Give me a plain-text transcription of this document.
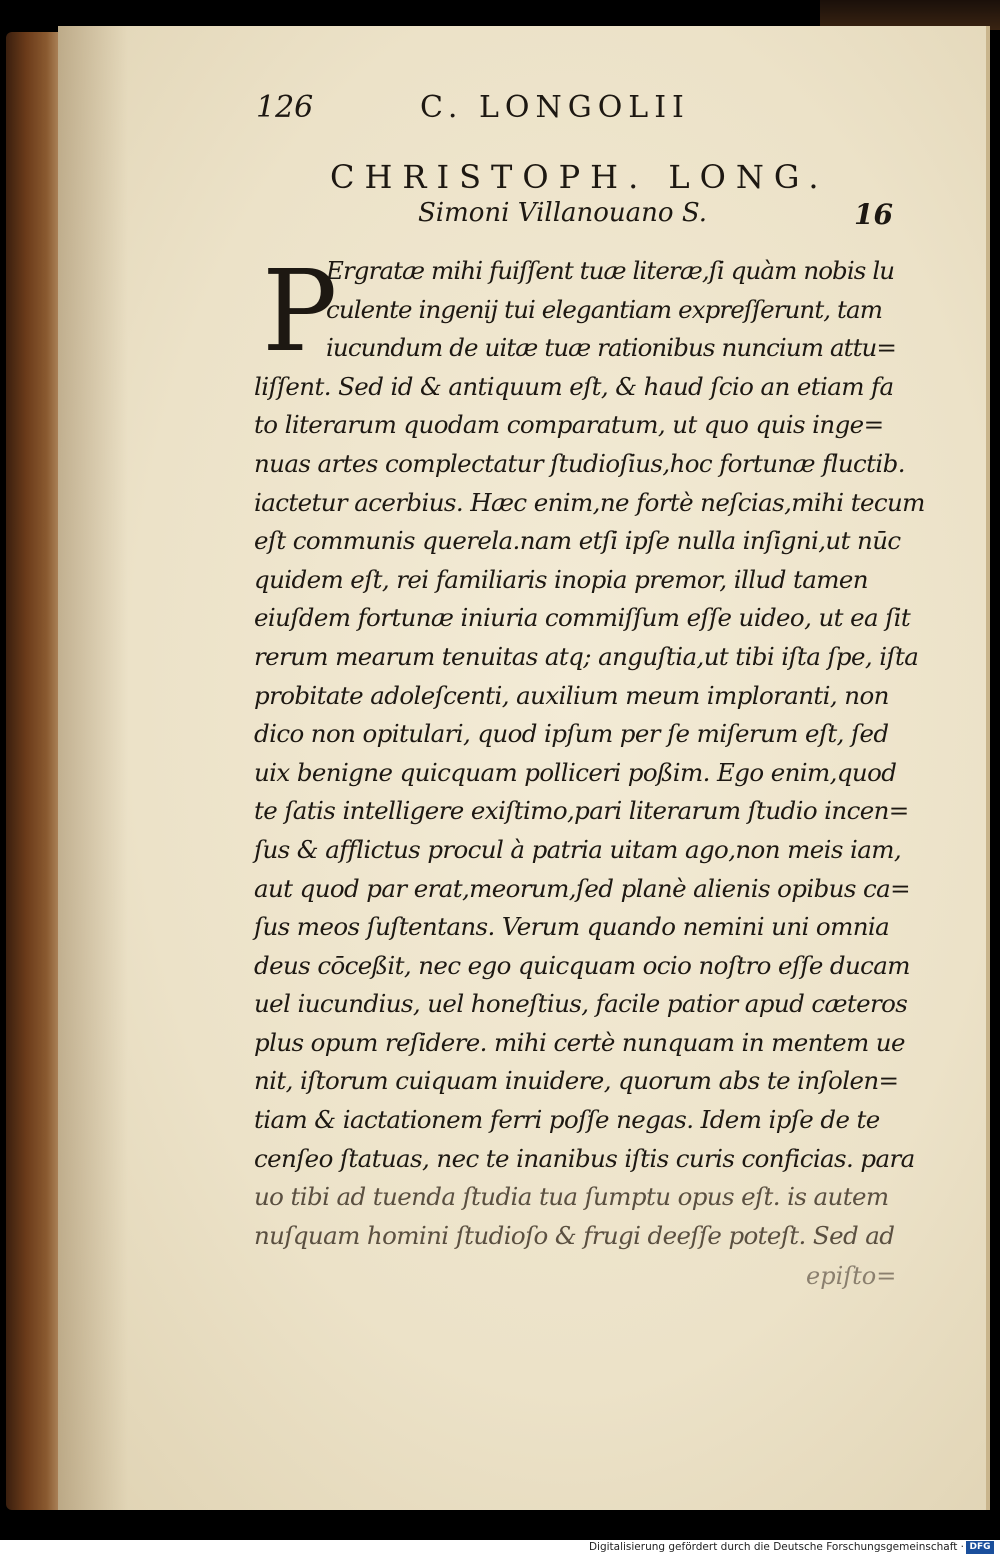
126	C. LONGOLII
CHRISTOPH. LONG.
Simoni Villanouano S.	16
P
Ergratæ mihi fuiſſent tuæ literæ,ſi quàm nobis lu
culente ingenij tui elegantiam expreſſerunt, tam
iucundum de uitæ tuæ rationibus nuncium attu=
liſſent. Sed id & antiquum eſt, & haud ſcio an etiam fa
to literarum quodam comparatum, ut quo quis inge=
nuas artes complectatur ſtudioſius,hoc fortunæ fluctib.
iactetur acerbius. Hæc enim,ne fortè neſcias,mihi tecum
eſt communis querela.nam etſi ipſe nulla inſigni,ut nūc
quidem eſt, rei familiaris inopia premor, illud tamen
eiuſdem fortunæ iniuria commiſſum eſſe uideo, ut ea ſit
rerum mearum tenuitas atq; anguſtia,ut tibi iſta ſpe, iſta
probitate adoleſcenti, auxilium meum imploranti, non
dico non opitulari, quod ipſum per ſe miſerum eſt, ſed
uix benigne quicquam polliceri poßim. Ego enim,quod
te ſatis intelligere exiſtimo,pari literarum ſtudio incen=
ſus & afflictus procul à patria uitam ago,non meis iam,
aut quod par erat,meorum,ſed planè alienis opibus ca=
ſus meos ſuſtentans. Verum quando nemini uni omnia
deus cōceßit, nec ego quicquam ocio noſtro eſſe ducam
uel iucundius, uel honeſtius, facile patior apud cæteros
plus opum reſidere. mihi certè nunquam in mentem ue
nit, iſtorum cuiquam inuidere, quorum abs te inſolen=
tiam & iactationem ferri poſſe negas. Idem ipſe de te
cenſeo ſtatuas, nec te inanibus iſtis curis conficias. para
uo tibi ad tuenda ſtudia tua ſumptu opus eſt. is autem
nuſquam homini ſtudioſo & frugi deeſſe poteſt. Sed ad
epiſto=
Digitalisierung gefördert durch die Deutsche Forschungsgemeinschaft · DFG
